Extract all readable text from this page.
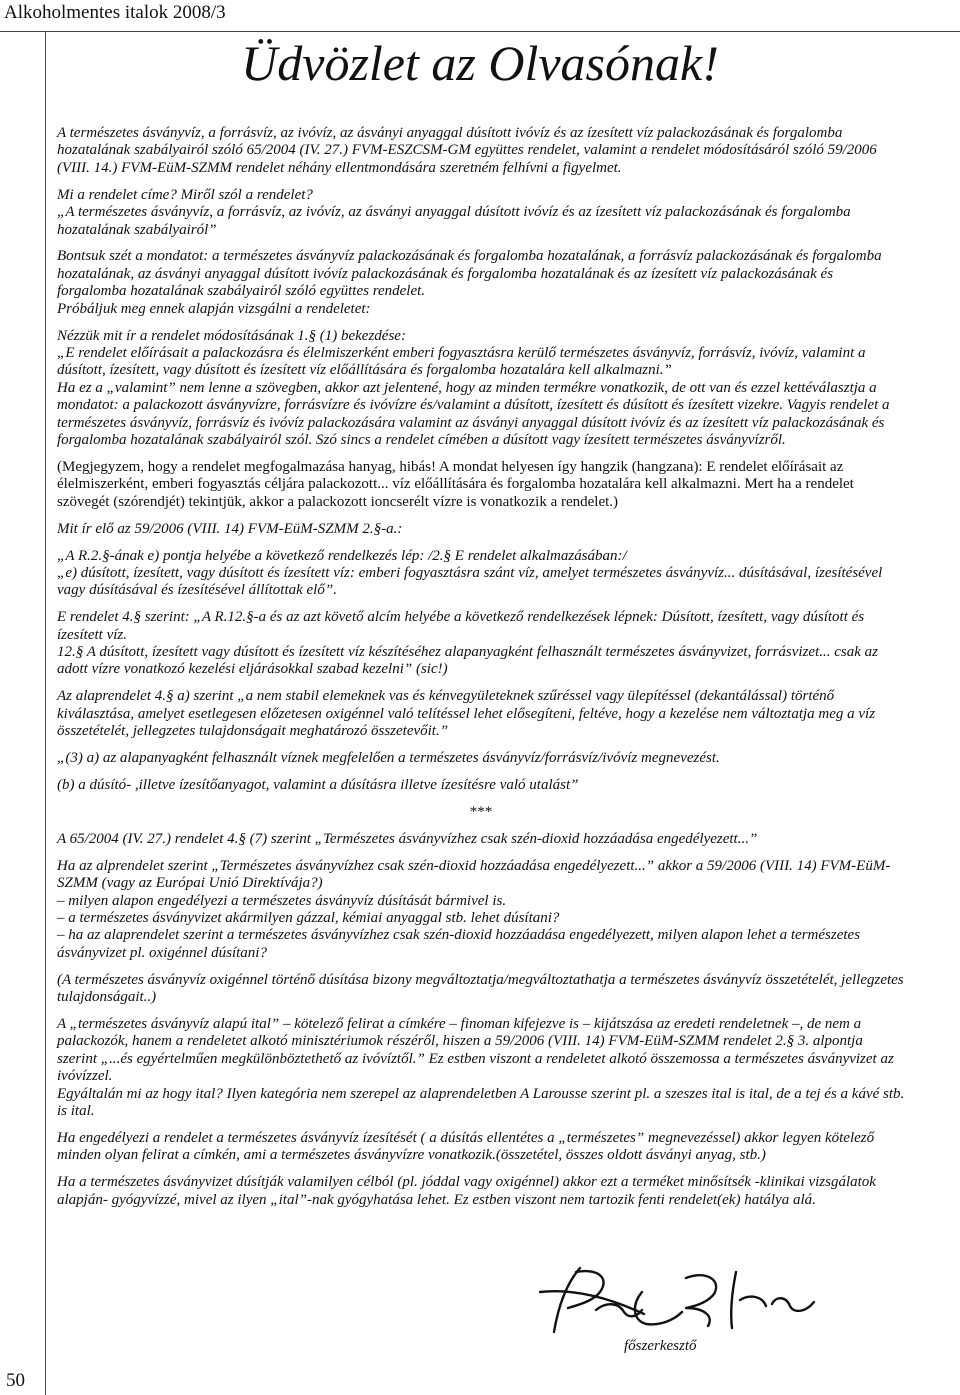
Alkoholmentes italok 2008/3
Üdvözlet az Olvasónak!

A természetes ásványvíz, a forrásvíz, az ivóvíz, az ásványi anyaggal dúsított ivóvíz és az ízesített víz palackozásának és forgalomba hozatalának szabályairól szóló 65/2004 (IV. 27.) FVM-ESZCSM-GM együttes rendelet, valamint a rendelet módosításáról szóló 59/2006 (VIII. 14.) FVM-EüM-SZMM rendelet néhány ellentmondására szeretném felhívni a figyelmet.

Mi a rendelet címe? Miről szól a rendelet?

„A természetes ásványvíz, a forrásvíz, az ivóvíz, az ásványi anyaggal dúsított ivóvíz és az ízesített víz palackozásának és forgalomba hozatalának szabályairól”

Bontsuk szét a mondatot: a természetes ásványvíz palackozásának és forgalomba hozatalának, a forrásvíz palackozásának és forgalomba hozatalának, az ásványi anyaggal dúsított ivóvíz palackozásának és forgalomba hozatalának és az ízesített víz palackozásának és forgalomba hozatalának szabályairól szóló együttes rendelet.

Próbáljuk meg ennek alapján vizsgálni a rendeletet:

Nézzük mit ír a rendelet módosításának 1.§ (1) bekezdése:

„E rendelet előírásait a palackozásra és élelmiszerként emberi fogyasztásra kerülő természetes ásványvíz, forrásvíz, ivóvíz, valamint a dúsított, ízesített, vagy dúsított és ízesített víz előállítására és forgalomba hozatalára kell alkalmazni.”

Ha ez a „valamint” nem lenne a szövegben, akkor azt jelentené, hogy az minden termékre vonatkozik, de ott van és ezzel kettéválasztja a mondatot: a palackozott ásványvízre, forrásvízre és ivóvízre és/valamint a dúsított, ízesített és dúsított és ízesített vizekre. Vagyis rendelet a természetes ásványvíz, forrásvíz és ivóvíz palackozására valamint az ásványi anyaggal dúsított ivóvíz és az ízesített víz palackozásának és forgalomba hozatalának szabályairól szól. Szó sincs a rendelet címében a dúsított vagy ízesített természetes ásványvízről.

(Megjegyzem, hogy a rendelet megfogalmazása hanyag, hibás! A mondat helyesen így hangzik (hangzana): E rendelet előírásait az élelmiszerként, emberi fogyasztás céljára palackozott... víz előállítására és forgalomba hozatalára kell alkalmazni. Mert ha a rendelet szövegét (szórendjét) tekintjük, akkor a palackozott ioncserélt vízre is vonatkozik a rendelet.)

Mit ír elő az 59/2006 (VIII. 14) FVM-EüM-SZMM 2.§-a.:

„A R.2.§-ának e) pontja helyébe a következő rendelkezés lép: /2.§ E rendelet alkalmazásában:/

„e) dúsított, ízesített, vagy dúsított és ízesített víz: emberi fogyasztásra szánt víz, amelyet természetes ásványvíz... dúsításával, ízesítésével vagy dúsításával és ízesítésével állítottak elő”.

E rendelet 4.§ szerint: „A R.12.§-a és az azt követő alcím helyébe a következő rendelkezések lépnek: Dúsított, ízesített, vagy dúsított és ízesített víz.

12.§ A dúsított, ízesített vagy dúsított és ízesített víz készítéséhez alapanyagként felhasznált természetes ásványvizet, forrásvizet... csak az adott vízre vonatkozó kezelési eljárásokkal szabad kezelni” (sic!)

Az alaprendelet 4.§ a) szerint „a nem stabil elemeknek vas és kénvegyületeknek szűréssel vagy ülepítéssel (dekantálással) történő kiválasztása, amelyet esetlegesen előzetesen oxigénnel való telítéssel lehet elősegíteni, feltéve, hogy a kezelése nem változtatja meg a víz összetételét, jellegzetes tulajdonságait meghatározó összetevőit.”

„(3) a) az alapanyagként felhasznált víznek megfelelően a természetes ásványvíz/forrásvíz/ivóvíz megnevezést.

(b) a dúsító- ,illetve ízesítőanyagot, valamint a dúsításra illetve ízesítésre való utalást”

***

A 65/2004 (IV. 27.) rendelet 4.§ (7) szerint „Természetes ásványvízhez csak szén-dioxid hozzáadása engedélyezett...”

Ha az alprendelet szerint „Természetes ásványvízhez csak szén-dioxid hozzáadása engedélyezett...” akkor a 59/2006 (VIII. 14) FVM-EüM-SZMM (vagy az Európai Unió Direktívája?)

‒ milyen alapon engedélyezi a természetes ásványvíz dúsítását bármivel is.

‒ a természetes ásványvizet akármilyen gázzal, kémiai anyaggal stb. lehet dúsítani?

‒ ha az alaprendelet szerint a természetes ásványvízhez csak szén-dioxid hozzáadása engedélyezett, milyen alapon lehet a természetes ásványvizet pl. oxigénnel dúsítani?

(A természetes ásványvíz oxigénnel történő dúsítása bizony megváltoztatja/megváltoztathatja a természetes ásványvíz összetételét, jellegzetes tulajdonságait..)

A „természetes ásványvíz alapú ital” ‒ kötelező felirat a címkére ‒ finoman kifejezve is ‒ kijátszása az eredeti rendeletnek ‒, de nem a palackozók, hanem a rendeletet alkotó minisztériumok részéről, hiszen a 59/2006 (VIII. 14) FVM-EüM-SZMM rendelet 2.§ 3. alpontja szerint „...és egyértelműen megkülönböztethető az ivóvíztől.” Ez estben viszont a rendeletet alkotó összemossa a természetes ásványvizet az ivóvízzel.

Egyáltalán mi az hogy ital? Ilyen kategória nem szerepel az alaprendeletben A Larousse szerint pl. a szeszes ital is ital, de a tej és a kávé stb. is ital.

Ha engedélyezi a rendelet a természetes ásványvíz ízesítését ( a dúsítás ellentétes a „természetes” megnevezéssel) akkor legyen kötelező minden olyan felirat a címkén, ami a természetes ásványvízre vonatkozik.(összetétel, összes oldott ásványi anyag, stb.)

Ha a természetes ásványvizet dúsítják valamilyen célból (pl. jóddal vagy oxigénnel) akkor ezt a terméket minősítsék -klinikai vizsgálatok alapján- gyógyvízzé, mivel az ilyen „ital”-nak gyógyhatása lehet. Ez estben viszont nem tartozik fenti rendelet(ek) hatálya alá.

főszerkesztő
50
